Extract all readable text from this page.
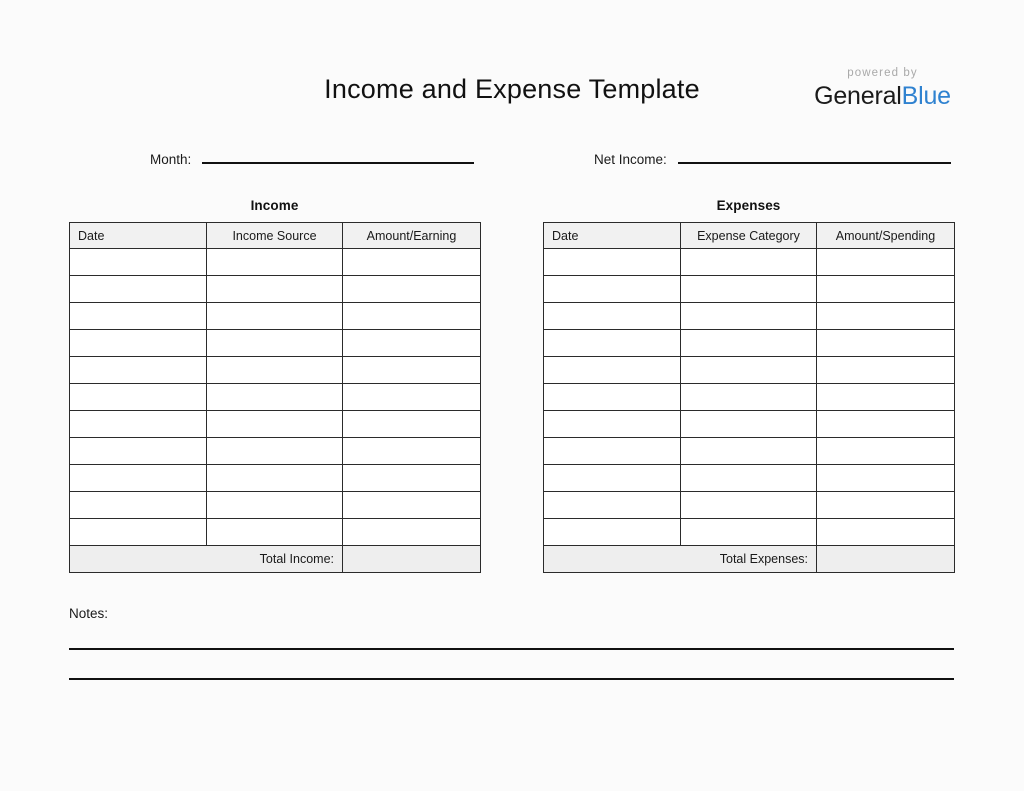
Income and Expense Template
powered by
GeneralBlue
Month:	Net Income:
Income
Date	Income Source	Amount/Earning

Total Income:		
Expenses
Date	Expense Category	Amount/Spending

Total Expenses:		
Notes:
